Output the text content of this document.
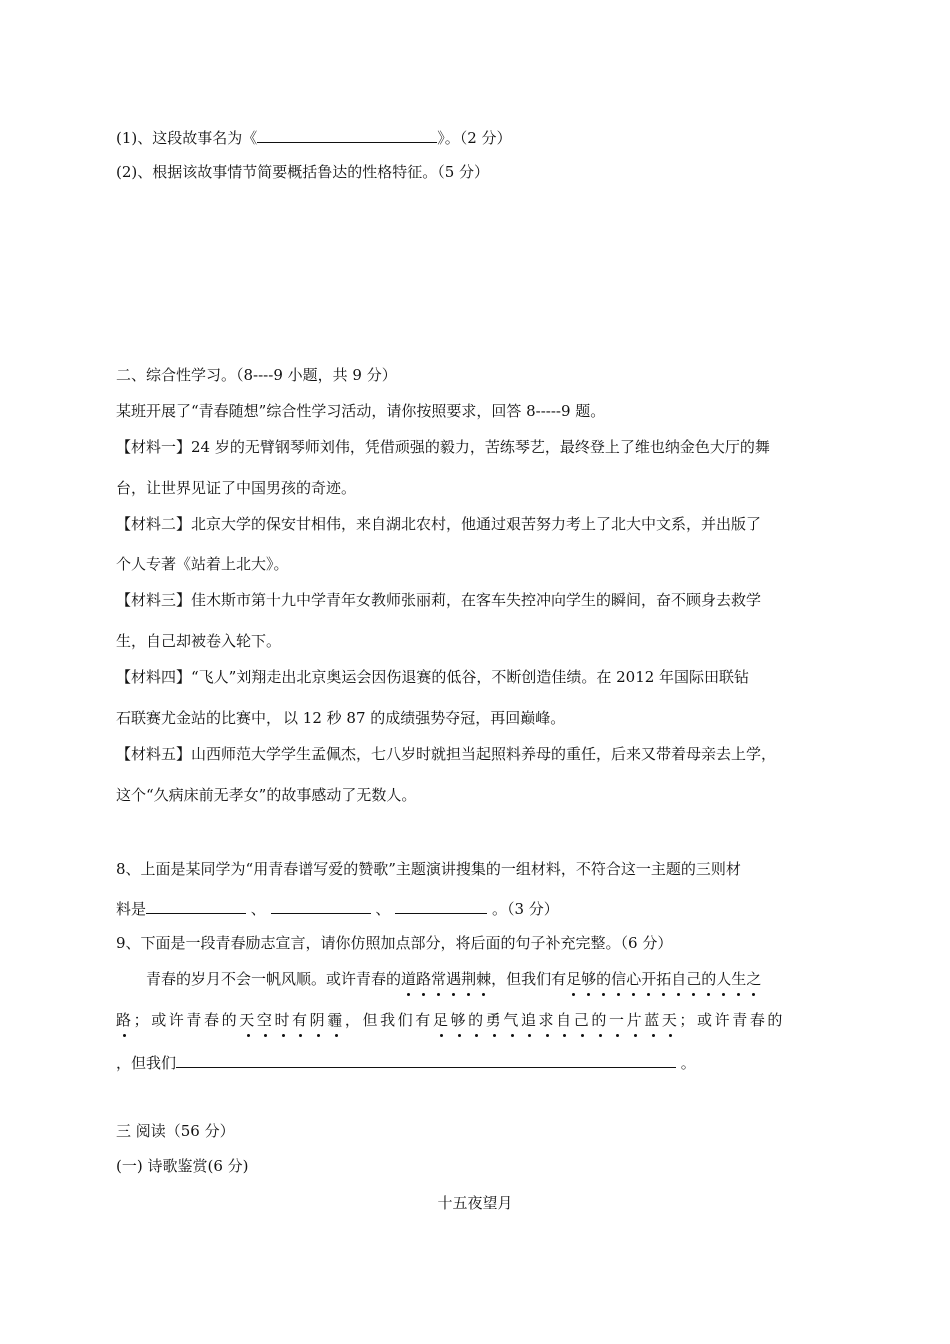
(1)、这段故事名为《	》。（2 分）
(2)、根据该故事情节简要概括鲁达的性格特征。（5 分）
二、综合性学习。（8----9 小题，共 9 分）
某班开展了“青春随想”综合性学习活动，请你按照要求，回答 8-----9 题。
【材料一】24 岁的无臂钢琴师刘伟，凭借顽强的毅力，苦练琴艺，最终登上了维也纳金色大厅的舞
台，让世界见证了中国男孩的奇迹。
【材料二】北京大学的保安甘相伟，来自湖北农村，他通过艰苦努力考上了北大中文系，并出版了
个人专著《站着上北大》。
【材料三】佳木斯市第十九中学青年女教师张丽莉，在客车失控冲向学生的瞬间，奋不顾身去救学
生，自己却被卷入轮下。
【材料四】“飞人”刘翔走出北京奥运会因伤退赛的低谷，不断创造佳绩。在 2012 年国际田联钻
石联赛尤金站的比赛中， 以 12 秒 87 的成绩强势夺冠，再回巅峰。
【材料五】山西师范大学学生孟佩杰，七八岁时就担当起照料养母的重任，后来又带着母亲去上学，
这个“久病床前无孝女”的故事感动了无数人。
8、上面是某同学为“用青春谱写爱的赞歌”主题演讲搜集的一组材料，不符合这一主题的三则材
料是	、	、	。（3 分）
9、下面是一段青春励志宣言，请你仿照加点部分，将后面的句子补充完整。（6 分）
青春的岁月不会一帆风顺。或许青春的道路常遇荆棘，但我们有足够的信心开拓自己的人生之
路；或许青春的天空时有阴霾，但我们有足够的勇气追求自己的一片蓝天；或许青春的
，但我们	。
三 阅读（56 分）
(一) 诗歌鉴赏(6 分)
十五夜望月
